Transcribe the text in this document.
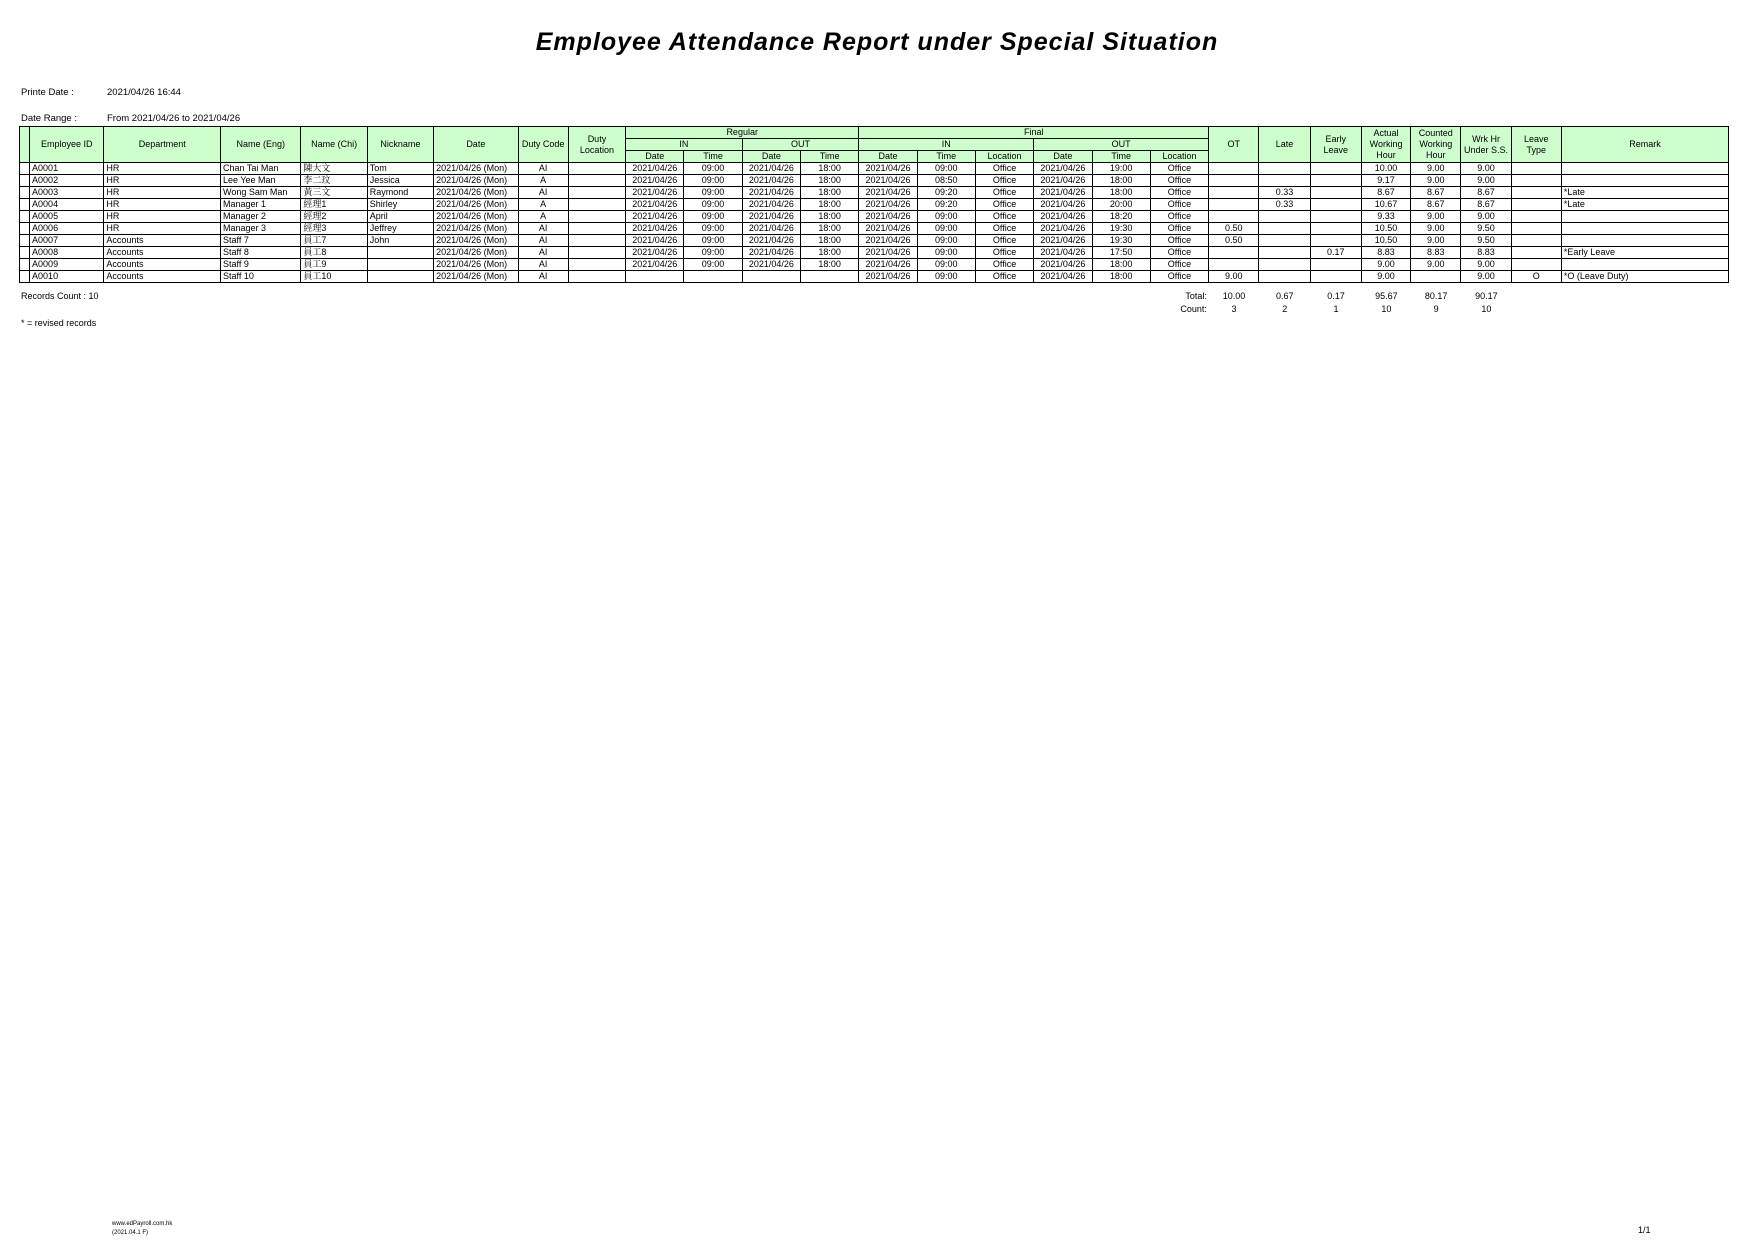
Employee Attendance Report under Special Situation
Printe Date :	2021/04/26 16:44
Date Range :	From 2021/04/26 to 2021/04/26
	Employee ID	Department	Name (Eng)	Name (Chi)	Nickname	Date	Duty Code	Duty Location	Regular				Final						OT	Late	Early Leave	Actual Working Hour	Counted Working Hour	Wrk Hr Under S.S.	Leave Type	Remark
									IN		OUT		IN			OUT										
									Date	Time	Date	Time	Date	Time	Location	Date	Time	Location								
	A0001	HR	Chan Tai Man	陳大文	Tom	2021/04/26 (Mon)	AI		2021/04/26	09:00	2021/04/26	18:00	2021/04/26	09:00	Office	2021/04/26	19:00	Office				10.00	9.00	9.00		
	A0002	HR	Lee Yee Man	李二玟	Jessica	2021/04/26 (Mon)	A		2021/04/26	09:00	2021/04/26	18:00	2021/04/26	08:50	Office	2021/04/26	18:00	Office				9.17	9.00	9.00		
	A0003	HR	Wong Sam Man	黃三文	Raymond	2021/04/26 (Mon)	AI		2021/04/26	09:00	2021/04/26	18:00	2021/04/26	09:20	Office	2021/04/26	18:00	Office		0.33		8.67	8.67	8.67		*Late
	A0004	HR	Manager 1	經理1	Shirley	2021/04/26 (Mon)	A		2021/04/26	09:00	2021/04/26	18:00	2021/04/26	09:20	Office	2021/04/26	20:00	Office		0.33		10.67	8.67	8.67		*Late
	A0005	HR	Manager 2	經理2	April	2021/04/26 (Mon)	A		2021/04/26	09:00	2021/04/26	18:00	2021/04/26	09:00	Office	2021/04/26	18:20	Office				9.33	9.00	9.00		
	A0006	HR	Manager 3	經理3	Jeffrey	2021/04/26 (Mon)	AI		2021/04/26	09:00	2021/04/26	18:00	2021/04/26	09:00	Office	2021/04/26	19:30	Office	0.50			10.50	9.00	9.50		
	A0007	Accounts	Staff 7	員工7	John	2021/04/26 (Mon)	AI		2021/04/26	09:00	2021/04/26	18:00	2021/04/26	09:00	Office	2021/04/26	19:30	Office	0.50			10.50	9.00	9.50		
	A0008	Accounts	Staff 8	員工8		2021/04/26 (Mon)	AI		2021/04/26	09:00	2021/04/26	18:00	2021/04/26	09:00	Office	2021/04/26	17:50	Office			0.17	8.83	8.83	8.83		*Early Leave
	A0009	Accounts	Staff 9	員工9		2021/04/26 (Mon)	AI		2021/04/26	09:00	2021/04/26	18:00	2021/04/26	09:00	Office	2021/04/26	18:00	Office				9.00	9.00	9.00		
	A0010	Accounts	Staff 10	員工10		2021/04/26 (Mon)	AI						2021/04/26	09:00	Office	2021/04/26	18:00	Office	9.00			9.00		9.00	O	*O (Leave Duty)
Records Count : 10		Total:	10.00	0.67	0.17	95.67	80.17	90.17	
		Count:	3	2	1	10	9	10	
* = revised records
www.edPayroll.com.hk
(2021.04.1 F)	1/1
